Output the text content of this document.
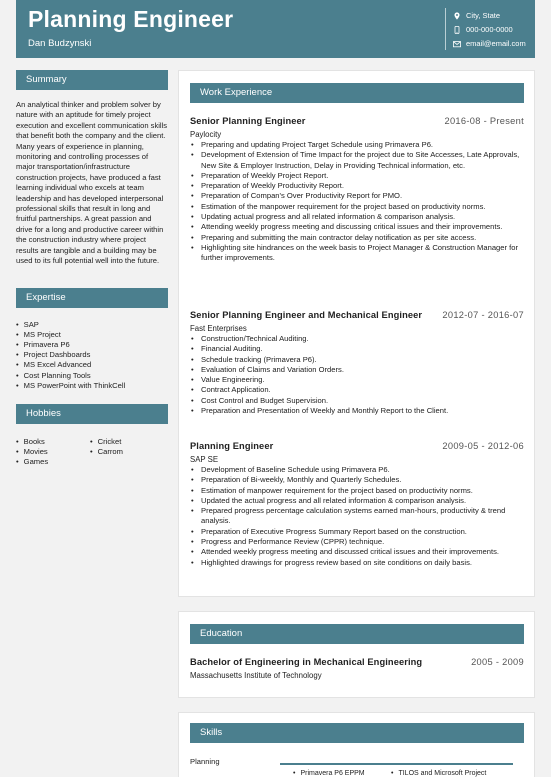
Planning Engineer
Dan Budzynski
City, State
000-000-0000
email@email.com
Summary

An analytical thinker and problem solver by nature with an aptitude for timely project execution and excellent communication skills that benefit both the company and the client. Many years of experience in planning, monitoring and controlling processes of major transportation/infrastructure construction projects, have produced a fast learning individual who excels at team leadership and has developed interpersonal professional skills that result in long and fruitful partnerships. A great passion and drive for a long and productive career within the construction industry where project results are tangible and a building may be used to its full potential well into the future.

Expertise
• SAP
• MS Project
• Primavera P6
• Project Dashboards
• MS Excel Advanced
• Cost Planning Tools
• MS PowerPoint with ThinkCell
Hobbies
• Books
• Movies
• Games
• Cricket
• Carrom
Work Experience
Senior Planning Engineer	2016-08 - Present
Paylocity
• Preparing and updating Project Target Schedule using Primavera P6.
• Development of Extension of Time Impact for the project due to Site Accesses, Late Approvals, New Site & Employer Instruction, Delay in Providing Technical information, etc.
• Preparation of Weekly Project Report.
• Preparation of Weekly Productivity Report.
• Preparation of Compan's Over Productivity Report for PMO.
• Estimation of the manpower requirement for the project based on productivity norms.
• Updating actual progress and all related information & comparison analysis.
• Attending weekly progress meeting and discussing critical issues and their improvements.
• Preparing and submitting the main contractor delay notification as per site access.
• Highlighting site hindrances on the week basis to Project Manager & Construction Manager for further improvements.
Senior Planning Engineer and Mechanical Engineer 2012-07 - 2016-07
Fast Enterprises
• Construction/Technical Auditing.
• Financial Auditing.
• Schedule tracking (Primavera P6).
• Evaluation of Claims and Variation Orders.
• Value Engineering.
• Contract Application.
• Cost Control and Budget Supervision.
• Preparation and Presentation of Weekly and Monthly Report to the Client.
Planning Engineer	2009-05 - 2012-06
SAP SE
• Development of Baseline Schedule using Primavera P6.
• Preparation of Bi-weekly, Monthly and Quarterly Schedules.
• Estimation of manpower requirement for the project based on productivity norms.
• Updated the actual progress and all related information & comparison analysis.
• Prepared progress percentage calculation systems earned man-hours, productivity & trend analysis.
• Preparation of Executive Progress Summary Report based on the construction.
• Progress and Performance Review (CPPR) technique.
• Attended weekly progress meeting and discussed critical issues and their improvements.
• Highlighted drawings for progress review based on site conditions on daily basis.
Education
Bachelor of Engineering in Mechanical Engineering	2005 - 2009
Massachusetts Institute of Technology
Skills
Planning
• Primavera P6 EPPM
•	TILOS and Microsoft Project
